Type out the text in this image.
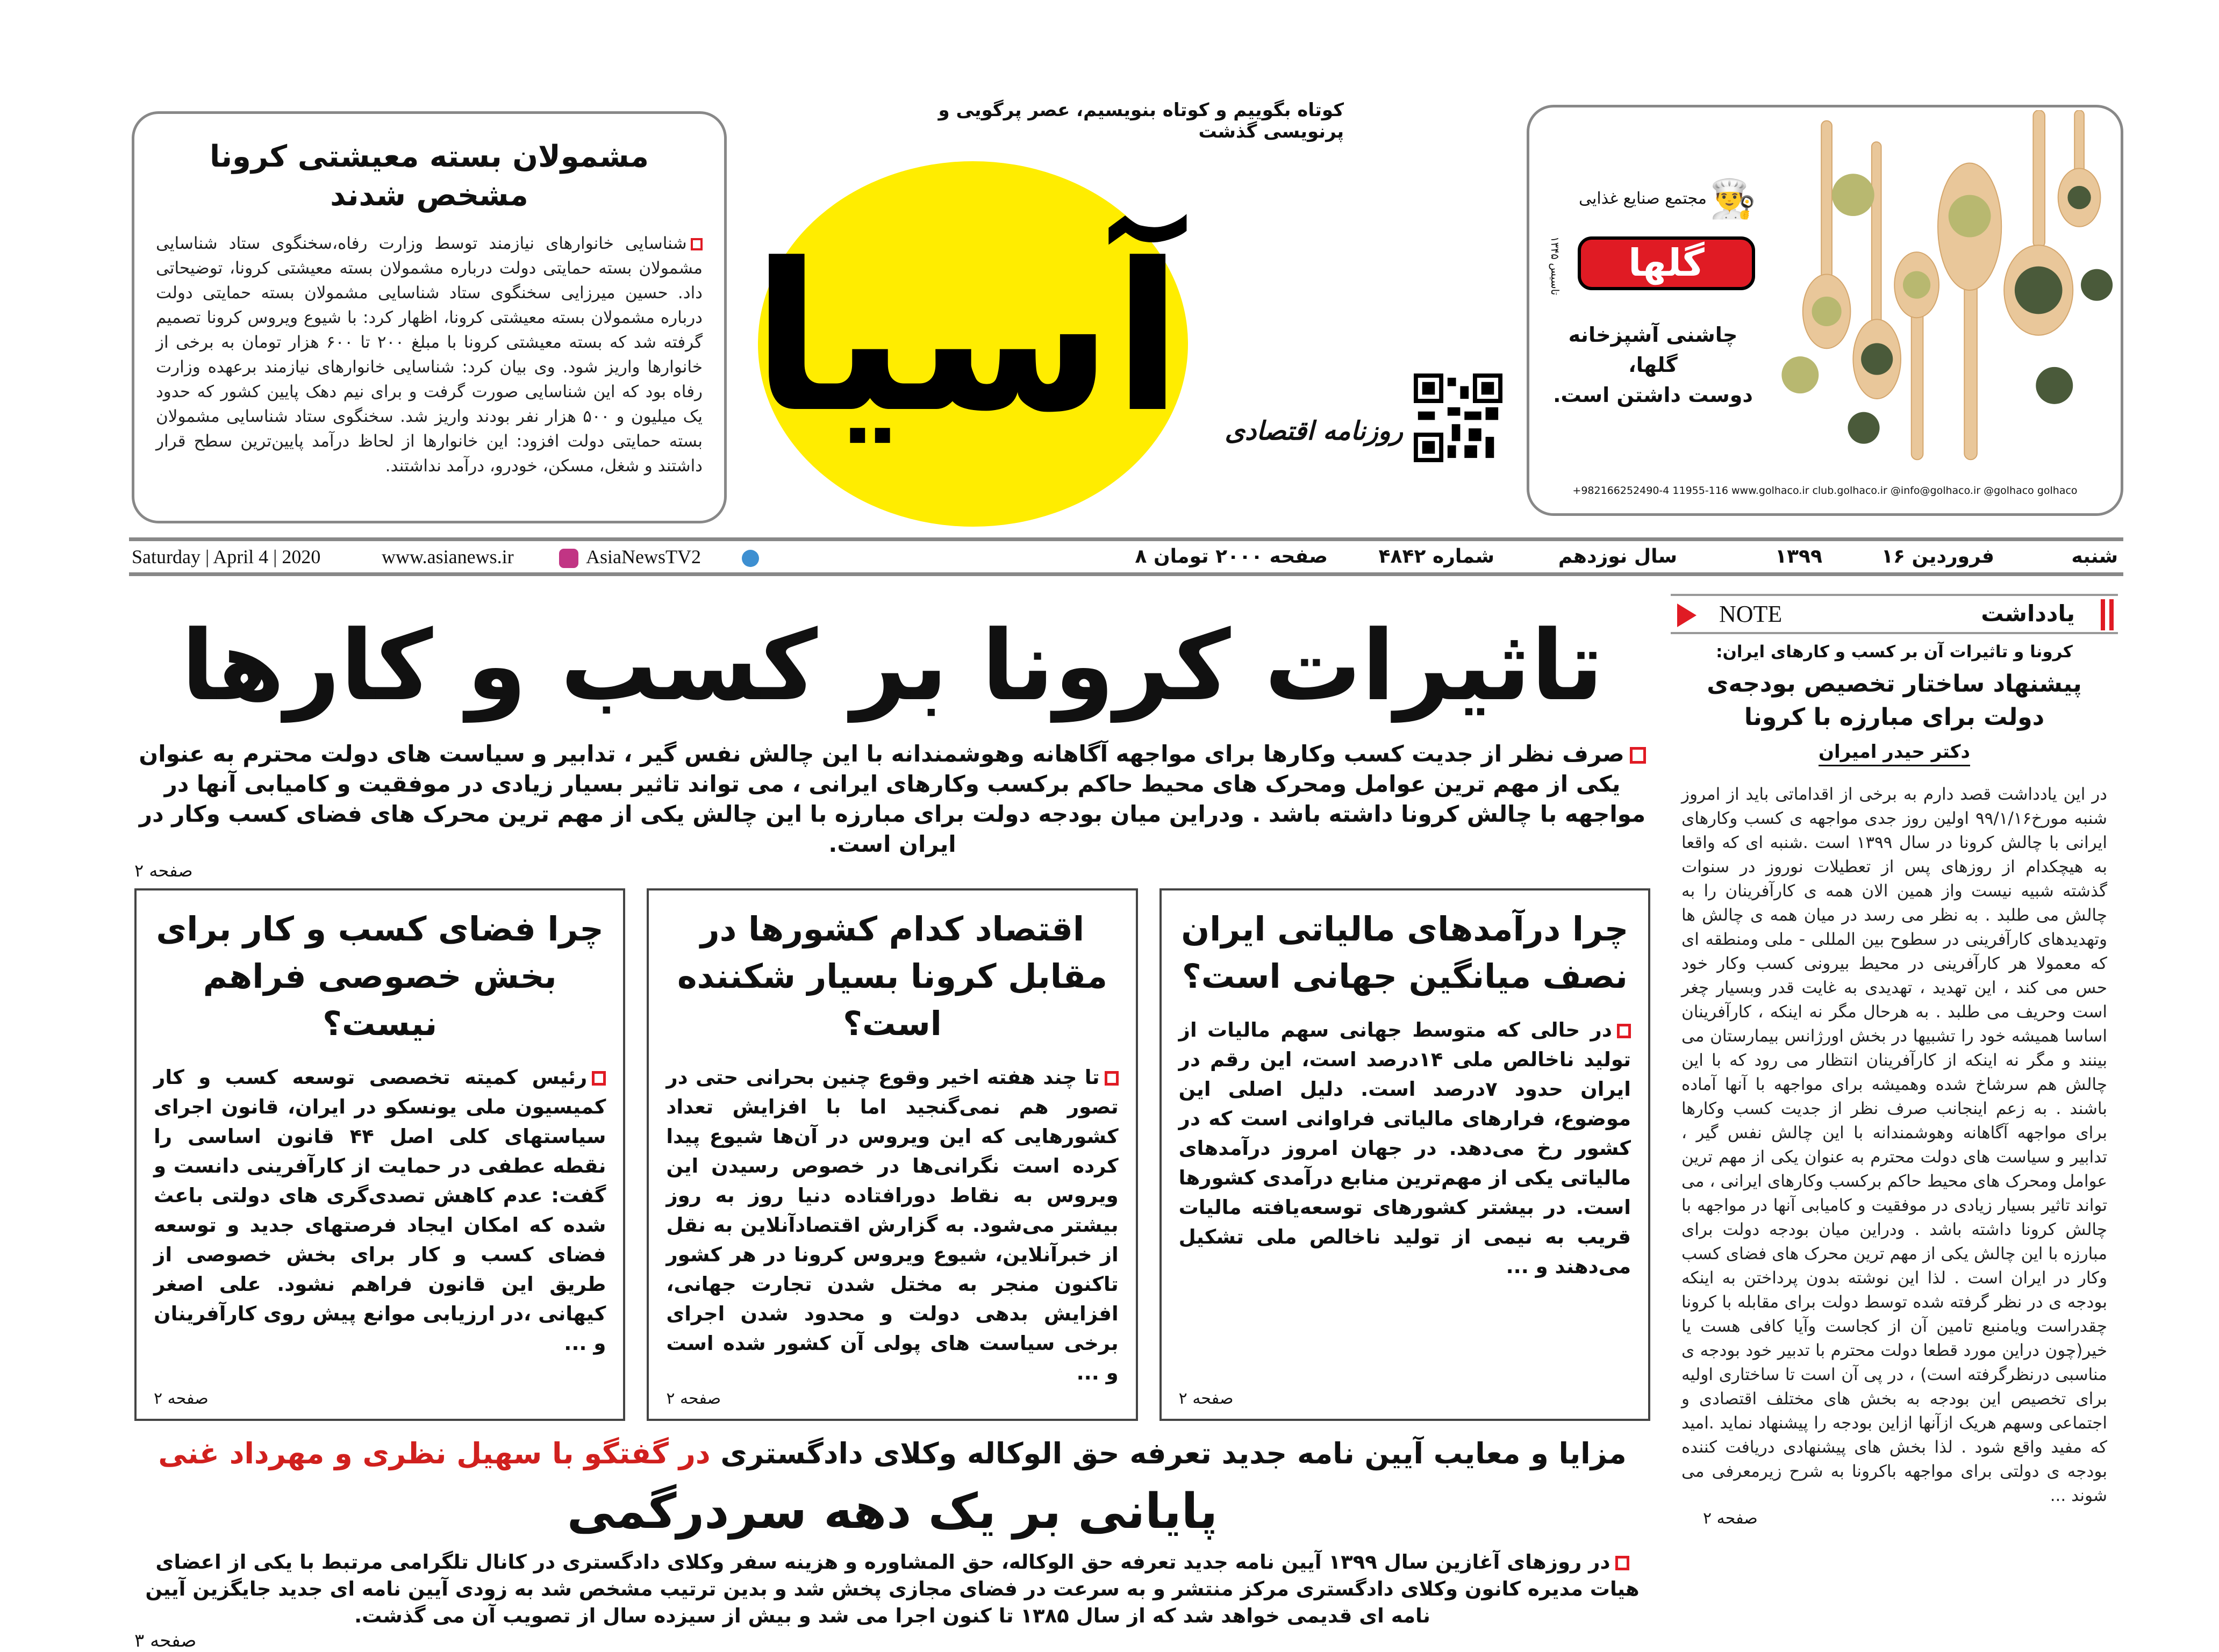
مشمولان بسته معیشتی کرونا مشخص شدند

شناسایی خانوارهای نیازمند توسط وزارت رفاه،سخنگوی ستاد شناسایی مشمولان بسته حمایتی دولت درباره مشمولان بسته معیشتی کرونا، توضیحاتی داد. حسین میرزایی سخنگوی ستاد شناسایی مشمولان بسته حمایتی دولت درباره مشمولان بسته معیشتی کرونا، اظهار کرد: با شیوع ویروس کرونا تصمیم گرفته شد که بسته معیشتی کرونا با مبلغ ۲۰۰ تا ۶۰۰ هزار تومان به برخی از خانوارها واریز شود. وی بیان کرد: شناسایی خانوارهای نیازمند برعهده وزارت رفاه بود که این شناسایی صورت گرفت و برای نیم دهک پایین کشور که حدود یک میلیون و ۵۰۰ هزار نفر بودند واریز شد. سخنگوی ستاد شناسایی مشمولان بسته حمایتی دولت افزود: این خانوارها از لحاظ درآمد پایین‌ترین سطح قرار داشتند و شغل، مسکن، خودرو، درآمد نداشتند.

کوتاه بگوییم و کوتاه بنویسیم، عصر پرگویی و پرنویسی گذشت
آسیا	روزنامه اقتصادی
مجتمع صنایع غذایی 👨‍🍳
گلها
تاسیس ۱۳۴۵
چاشنی آشپزخانه گلها،
دوست داشتن است.
+982166252490-4 11955-116 www.golhaco.ir club.golhaco.ir @info@golhaco.ir @golhaco golhaco
شنبه
۱۶ فروردین
۱۳۹۹
سال نوزدهم
شماره ۴۸۴۲
۸ صفحه ۲۰۰۰ تومان
Saturday | April 4 | 2020	www.asianews.ir	AsiaNewsTV2
تاثیرات کرونا بر کسب و کارها

صرف نظر از جدیت کسب وکارها برای مواجهه آگاهانه وهوشمندانه با این چالش نفس گیر ، تدابیر و سیاست های دولت محترم به عنوان یکی از مهم ترین عوامل ومحرک های محیط حاکم برکسب وکارهای ایرانی ، می تواند تاثیر بسیار زیادی در موفقیت و کامیابی آنها در مواجهه با چالش کرونا داشته باشد . ودراین میان بودجه دولت برای مبارزه با این چالش یکی از مهم ترین محرک های فضای کسب وکار در ایران است.

صفحه ۲
چرا درآمدهای مالیاتی ایران نصف میانگین جهانی است؟

در حالی که متوسط جهانی سهم مالیات از تولید ناخالص ملی ۱۴درصد است، این رقم در ایران حدود ۷درصد است. دلیل اصلی این موضوع، فرارهای مالیاتی فراوانی است که در کشور رخ می‌دهد. در جهان امروز درآمدهای مالیاتی یکی از مهم‌ترین منابع درآمدی کشورها است. در بیشتر کشورهای توسعه‌یافته مالیات قریب به نیمی از تولید ناخالص ملی تشکیل می‌دهند و ...

صفحه ۲
اقتصاد کدام کشورها در مقابل کرونا بسیار شکننده است؟

تا چند هفته اخیر وقوع چنین بحرانی حتی در تصور هم نمی‌گنجید اما با افزایش تعداد کشورهایی که این ویروس در آن‌ها شیوع پیدا کرده است نگرانی‌ها در خصوص رسیدن این ویروس به نقاط دورافتاده دنیا روز به روز بیشتر می‌شود. به گزارش اقتصادآنلاین به نقل از خبرآنلاین، شیوع ویروس کرونا در هر کشور تاکنون منجر به مختل شدن تجارت جهانی، افزایش بدهی دولت و محدود شدن اجرای برخی سیاست های پولی آن کشور شده است و ...

صفحه ۲
چرا فضای کسب و کار برای بخش خصوصی فراهم نیست؟

رئیس کمیته تخصصی توسعه کسب و کار کمیسیون ملی یونسکو در ایران، قانون اجرای سیاستهای کلی اصل ۴۴ قانون اساسی را نقطه عطفی در حمایت از کارآفرینی دانست و گفت: عدم کاهش تصدی‌گری های دولتی باعث شده که امکان ایجاد فرصتهای جدید و توسعه فضای کسب و کار برای بخش خصوصی از طریق این قانون فراهم نشود. علی اصغر کیهانی ،در ارزیابی موانع پیش روی کارآفرینان و ...

صفحه ۲
مزایا و معایب آیین نامه جدید تعرفه حق الوکاله وکلای دادگستری در گفتگو با سهیل نظری و مهرداد غنی
پایانی بر یک دهه سردرگمی

در روزهای آغازین سال ۱۳۹۹ آیین نامه جدید تعرفه حق الوکاله، حق المشاوره و هزینه سفر وکلای دادگستری در کانال تلگرامی مرتبط با یکی از اعضای هیات مدیره کانون وکلای دادگستری مرکز منتشر و به سرعت در فضای مجازی پخش شد و بدین ترتیب مشخص شد به زودی آیین نامه ای جدید جایگزین آیین نامه ای قدیمی خواهد شد که از سال ۱۳۸۵ تا کنون اجرا می شد و بیش از سیزده سال از تصویب آن می گذشت.

صفحه ۳
یادداشت
NOTE
کرونا و تاثیرات آن بر کسب و کارهای ایران:
پیشنهاد ساختار تخصیص بودجه‌ی دولت برای مبارزه با کرونا
دکتر حیدر امیران

در این یادداشت قصد دارم به برخی از اقداماتی باید از امروز شنبه مورخ۹۹/۱/۱۶ اولین روز جدی مواجهه ی کسب وکارهای ایرانی با چالش کرونا در سال ۱۳۹۹ است .شنبه ای که واقعا به هیچکدام از روزهای پس از تعطیلات نوروز در سنوات گذشته شبیه نیست واز همین الان همه ی کارآفرینان را به چالش می طلبد . به نظر می رسد در میان همه ی چالش ها وتهدیدهای کارآفرینی در سطوح بین المللی - ملی ومنطقه ای که معمولا هر کارآفرینی در محیط بیرونی کسب وکار خود حس می کند ، این تهدید ، تهدیدی به غایت قدر وبسیار چغر است وحریف می طلبد . به هرحال مگر نه اینکه ، کارآفرینان اساسا همیشه خود را تشبیها در بخش اورژانس بیمارستان می بینند و مگر نه اینکه از کارآفرینان انتظار می رود که با این چالش هم سرشاخ شده وهمیشه برای مواجهه با آنها آماده باشند . به زعم اینجانب صرف نظر از جدیت کسب وکارها برای مواجهه آگاهانه وهوشمندانه با این چالش نفس گیر ، تدابیر و سیاست های دولت محترم به عنوان یکی از مهم ترین عوامل ومحرک های محیط حاکم برکسب وکارهای ایرانی ، می تواند تاثیر بسیار زیادی در موفقیت و کامیابی آنها در مواجهه با چالش کرونا داشته باشد . ودراین میان بودجه دولت برای مبارزه با این چالش یکی از مهم ترین محرک های فضای کسب وکار در ایران است . لذا این نوشته بدون پرداختن به اینکه بودجه ی در نظر گرفته شده توسط دولت برای مقابله با کرونا چقدراست ویامنبع تامین آن از کجاست وآیا کافی هست یا خیر(چون دراین مورد قطعا دولت محترم با تدبیر خود بودجه ی مناسبی درنظرگرفته است) ، در پی آن است تا ساختاری اولیه برای تخصیص این بودجه به بخش های مختلف اقتصادی و اجتماعی وسهم هریک ازآنها ازاین بودجه را پیشنهاد نماید .امید که مفید واقع شود . لذا بخش های پیشنهادی دریافت کننده بودجه ی دولتی برای مواجهه باکرونا به شرح زیرمعرفی می شوند ...

صفحه ۲
